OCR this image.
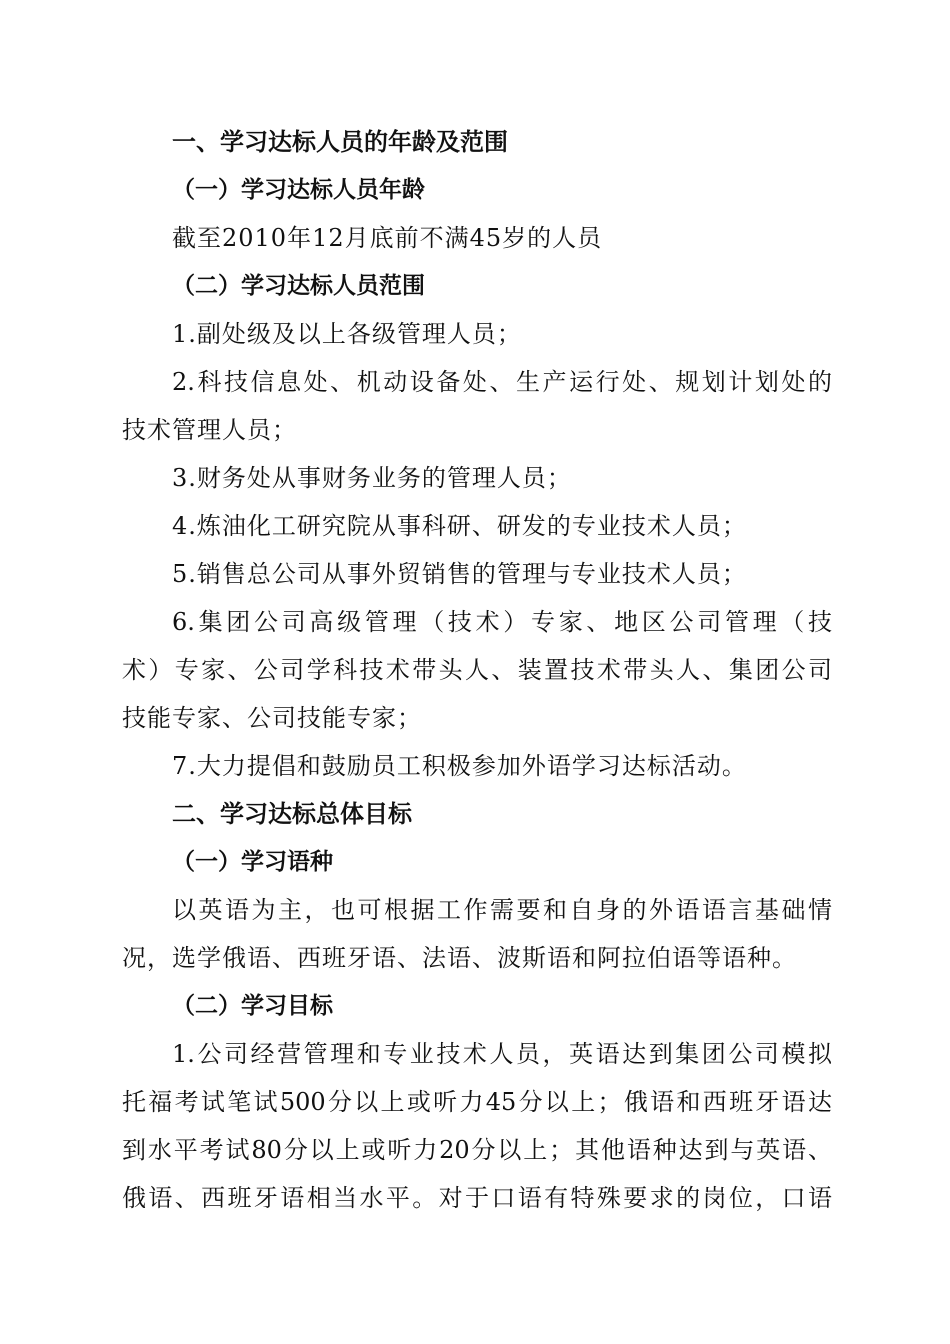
一、学习达标人员的年龄及范围
（一）学习达标人员年龄
截至2010年12月底前不满45岁的人员
（二）学习达标人员范围
1.副处级及以上各级管理人员；
2.科技信息处、机动设备处、生产运行处、规划计划处的
技术管理人员；
3.财务处从事财务业务的管理人员；
4.炼油化工研究院从事科研、研发的专业技术人员；
5.销售总公司从事外贸销售的管理与专业技术人员；
6.集团公司高级管理（技术）专家、地区公司管理（技
术）专家、公司学科技术带头人、装置技术带头人、集团公司
技能专家、公司技能专家；
7.大力提倡和鼓励员工积极参加外语学习达标活动。
二、学习达标总体目标
（一）学习语种
以英语为主，也可根据工作需要和自身的外语语言基础情
况，选学俄语、西班牙语、法语、波斯语和阿拉伯语等语种。
（二）学习目标
1.公司经营管理和专业技术人员，英语达到集团公司模拟
托福考试笔试500分以上或听力45分以上；俄语和西班牙语达
到水平考试80分以上或听力20分以上；其他语种达到与英语、
俄语、西班牙语相当水平。对于口语有特殊要求的岗位，口语
